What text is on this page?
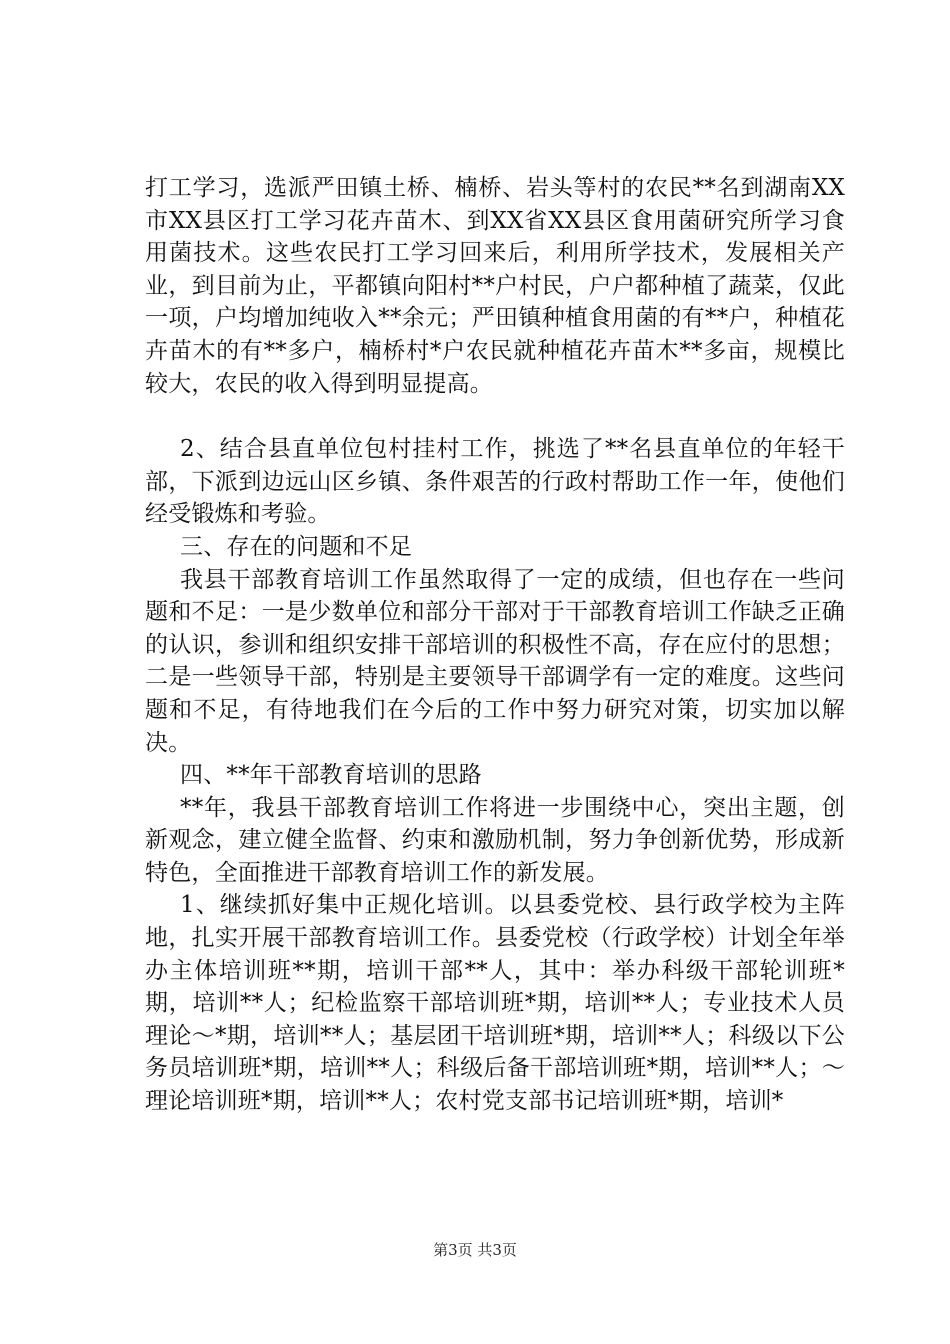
打工学习，选派严田镇土桥、楠桥、岩头等村的农民**名到湖南XX市XX县区打工学习花卉苗木、到XX省XX县区食用菌研究所学习食用菌技术。这些农民打工学习回来后，利用所学技术，发展相关产业，到目前为止，平都镇向阳村**户村民，户户都种植了蔬菜，仅此一项，户均增加纯收入**余元；严田镇种植食用菌的有**户，种植花卉苗木的有**多户，楠桥村*户农民就种植花卉苗木**多亩，规模比较大，农民的收入得到明显提高。

2、结合县直单位包村挂村工作，挑选了**名县直单位的年轻干部，下派到边远山区乡镇、条件艰苦的行政村帮助工作一年，使他们经受锻炼和考验。

三、存在的问题和不足

我县干部教育培训工作虽然取得了一定的成绩，但也存在一些问题和不足：一是少数单位和部分干部对于干部教育培训工作缺乏正确的认识，参训和组织安排干部培训的积极性不高，存在应付的思想；二是一些领导干部，特别是主要领导干部调学有一定的难度。这些问题和不足，有待地我们在今后的工作中努力研究对策，切实加以解决。

四、**年干部教育培训的思路

**年，我县干部教育培训工作将进一步围绕中心，突出主题，创新观念，建立健全监督、约束和激励机制，努力争创新优势，形成新特色，全面推进干部教育培训工作的新发展。

1、继续抓好集中正规化培训。以县委党校、县行政学校为主阵地，扎实开展干部教育培训工作。县委党校（行政学校）计划全年举办主体培训班**期，培训干部**人，其中：举办科级干部轮训班*期，培训**人；纪检监察干部培训班*期，培训**人；专业技术人员理论～*期，培训**人；基层团干培训班*期，培训**人；科级以下公务员培训班*期，培训**人；科级后备干部培训班*期，培训**人；～理论培训班*期，培训**人；农村党支部书记培训班*期，培训*

第3页 共3页
